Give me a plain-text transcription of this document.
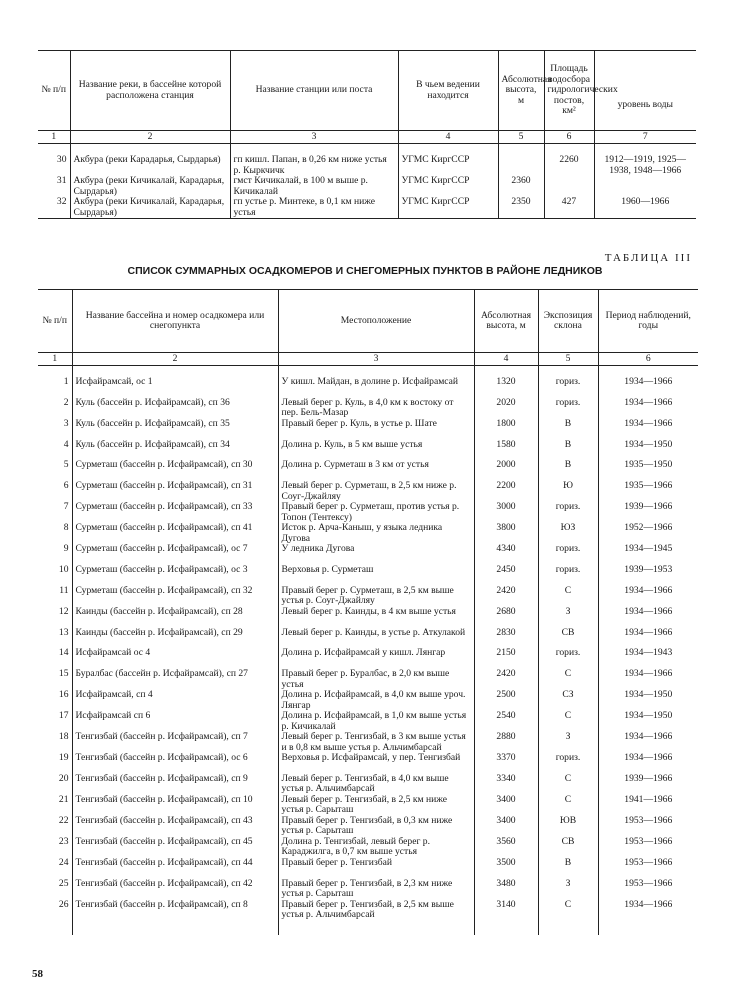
№ п/п	Название реки, в бассейне которой расположена станция	Название станции или поста	В чьем ведении находится	Абсолютная высота, м	Площадь водосбора гидрологических постов, км²	уровень воды
1	2	3	4	5	6	7

30	Акбура (реки Карадарья, Сырдарья)	гп кишл. Папан, в 0,26 км ниже устья р. Кыркчичк	УГМС КиргССР		2260	1912—1919, 1925—1938, 1948—1966
31	Акбура (реки Кичикалай, Карадарья, Сырдарья)	гмст Кичикалай, в 100 м выше р. Кичикалай	УГМС КиргССР	2360		
32	Акбура (реки Кичикалай, Карадарья, Сырдарья)	гп устье р. Минтеке, в 0,1 км ниже устья	УГМС КиргССР	2350	427	1960—1966
ТАБЛИЦА III
СПИСОК СУММАРНЫХ ОСАДКОМЕРОВ И СНЕГОМЕРНЫХ ПУНКТОВ В РАЙОНЕ ЛЕДНИКОВ
№ п/п	Название бассейна и номер осадкомера или снегопункта	Местоположение	Абсолютная высота, м	Экспозиция склона	Период наблюдений, годы
1	2	3	4	5	6

1	Исфайрамсай, ос 1	У кишл. Майдан, в долине р. Исфайрамсай	1320	гориз.	1934—1966
2	Куль (бассейн р. Исфайрамсай), сп 36	Левый берег р. Куль, в 4,0 км к востоку от пер. Бель-Мазар	2020	гориз.	1934—1966
3	Куль (бассейн р. Исфайрамсай), сп 35	Правый берег р. Куль, в устье р. Шате	1800	В	1934—1966
4	Куль (бассейн р. Исфайрамсай), сп 34	Долина р. Куль, в 5 км выше устья	1580	В	1934—1950
5	Сурметаш (бассейн р. Исфайрамсай), сп 30	Долина р. Сурметаш в 3 км от устья	2000	В	1935—1950
6	Сурметаш (бассейн р. Исфайрамсай), сп 31	Левый берег р. Сурметаш, в 2,5 км ниже р. Соуг-Джайляу	2200	Ю	1935—1966
7	Сурметаш (бассейн р. Исфайрамсай), сп 33	Правый берег р. Сурметаш, против устья р. Топон (Тентексу)	3000	гориз.	1939—1966
8	Сурметаш (бассейн р. Исфайрамсай), сп 41	Исток р. Арча-Каныш, у языка ледника Дугова	3800	ЮЗ	1952—1966
9	Сурметаш (бассейн р. Исфайрамсай), ос 7	У ледника Дугова	4340	гориз.	1934—1945
10	Сурметаш (бассейн р. Исфайрамсай), ос 3	Верховья р. Сурметаш	2450	гориз.	1939—1953
11	Сурметаш (бассейн р. Исфайрамсай), сп 32	Правый берег р. Сурметаш, в 2,5 км выше устья р. Соуг-Джайляу	2420	С	1934—1966
12	Каинды (бассейн р. Исфайрамсай), сп 28	Левый берег р. Каинды, в 4 км выше устья	2680	З	1934—1966
13	Каинды (бассейн р. Исфайрамсай), сп 29	Левый берег р. Каинды, в устье р. Аткулакой	2830	СВ	1934—1966
14	Исфайрамсай ос 4	Долина р. Исфайрамсай у кишл. Лянгар	2150	гориз.	1934—1943
15	Буралбас (бассейн р. Исфайрамсай), сп 27	Правый берег р. Буралбас, в 2,0 км выше устья	2420	С	1934—1966
16	Исфайрамсай, сп 4	Долина р. Исфайрамсай, в 4,0 км выше уроч. Лянгар	2500	СЗ	1934—1950
17	Исфайрамсай сп 6	Долина р. Исфайрамсай, в 1,0 км выше устья р. Кичикалай	2540	С	1934—1950
18	Тенгизбай (бассейн р. Исфайрамсай), сп 7	Левый берег р. Тенгизбай, в 3 км выше устья и в 0,8 км выше устья р. Альчимбарсай	2880	З	1934—1966
19	Тенгизбай (бассейн р. Исфайрамсай), ос 6	Верховья р. Исфайрамсай, у пер. Тенгизбай	3370	гориз.	1934—1966
20	Тенгизбай (бассейн р. Исфайрамсай), сп 9	Левый берег р. Тенгизбай, в 4,0 км выше устья р. Альчимбарсай	3340	С	1939—1966
21	Тенгизбай (бассейн р. Исфайрамсай), сп 10	Левый берег р. Тенгизбай, в 2,5 км ниже устья р. Сарыташ	3400	С	1941—1966
22	Тенгизбай (бассейн р. Исфайрамсай), сп 43	Правый берег р. Тенгизбай, в 0,3 км ниже устья р. Сарыташ	3400	ЮВ	1953—1966
23	Тенгизбай (бассейн р. Исфайрамсай), сп 45	Долина р. Тенгизбай, левый берег р. Караджилга, в 0,7 км выше устья	3560	СВ	1953—1966
24	Тенгизбай (бассейн р. Исфайрамсай), сп 44	Правый берег р. Тенгизбай	3500	В	1953—1966
25	Тенгизбай (бассейн р. Исфайрамсай), сп 42	Правый берег р. Тенгизбай, в 2,3 км ниже устья р. Сарыташ	3480	З	1953—1966
26	Тенгизбай (бассейн р. Исфайрамсай), сп 8	Правый берег р. Тенгизбай, в 2,5 км выше устья р. Альчимбарсай	3140	С	1934—1966
58
